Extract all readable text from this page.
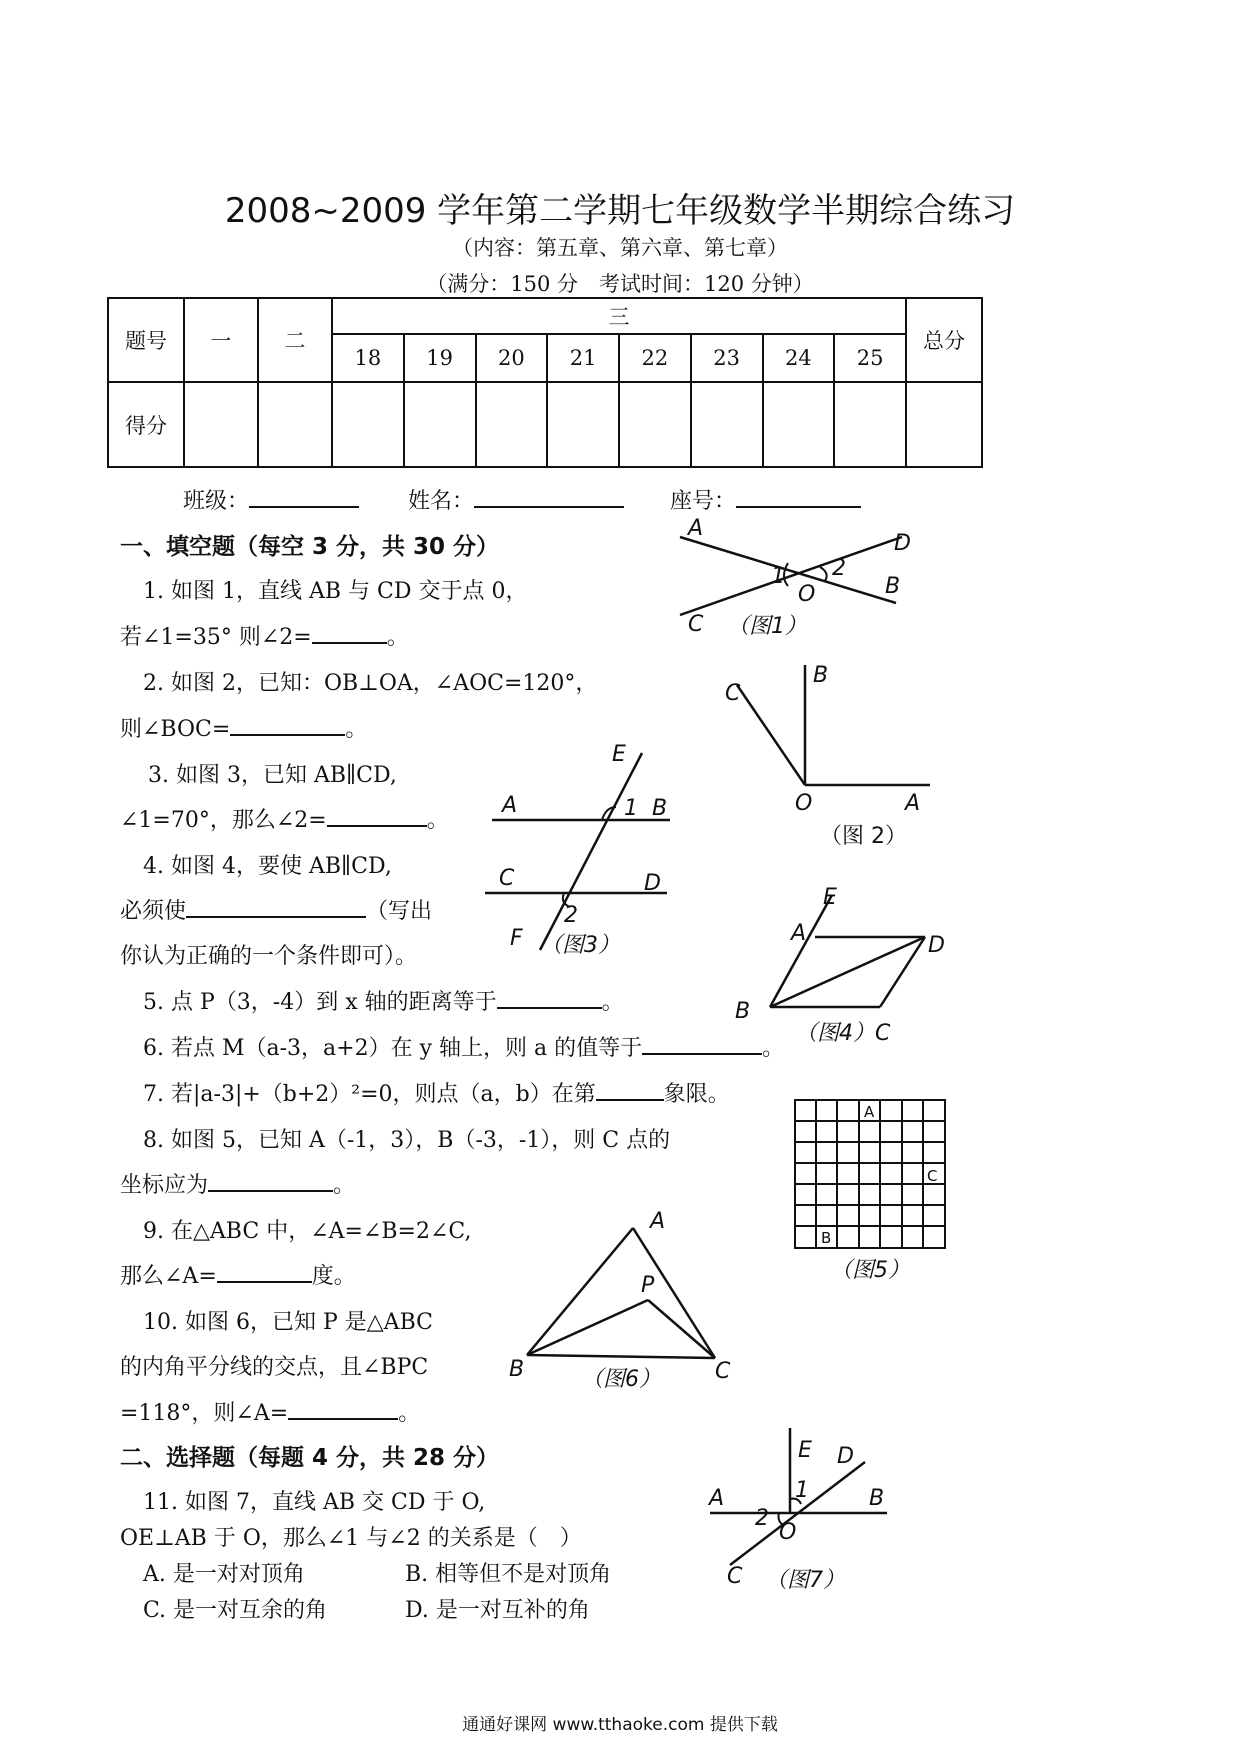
2008~2009 学年第二学期七年级数学半期综合练习
（内容：第五章、第六章、第七章）
（满分：150 分　考试时间：120 分钟）
题号	一	二	三								总分
			18	19	20	21	22	23	24	25	
得分											
班级：	姓名：	座号：
一、填空题（每空 3 分，共 30 分）
1. 如图 1，直线 AB 与 CD 交于点 0，
若∠1=35° 则∠2=	。
2. 如图 2，已知：OB⊥OA，∠AOC=120°，
则∠BOC=	。
3. 如图 3，已知 AB∥CD,
∠1=70°，那么∠2=	。
4. 如图 4，要使 AB∥CD,
必须使	（写出
你认为正确的一个条件即可）。
5. 点 P（3，-4）到 x 轴的距离等于	。
6. 若点 M（a-3，a+2）在 y 轴上，则 a 的值等于	。
7. 若|a-3|+（b+2）²=0，则点（a，b）在第	象限。
8. 如图 5，已知 A（-1，3），B（-3，-1），则 C 点的
坐标应为	。
9. 在△ABC 中，∠A=∠B=2∠C,
那么∠A=	度。
10. 如图 6，已知 P 是△ABC
的内角平分线的交点，且∠BPC
=118°，则∠A=	。
二、选择题（每题 4 分，共 28 分）
11. 如图 7，直线 AB 交 CD 于 O,
OE⊥AB 于 O，那么∠1 与∠2 的关系是（　）
A. 是一对对顶角	B. 相等但不是对顶角
C. 是一对互余的角	D. 是一对互补的角
A
D
B
C
O
1 2
（图1）
B
C
O	A
（图 2）
E
A	1 B
C	D
2
F （图3）
E
A	D
B
（图4） C
A
C
B
（图5）
A
P
B	C
（图6）
E D
1
A	B
2
O
C （图7）
通通好课网 www.tthaoke.com 提供下载
